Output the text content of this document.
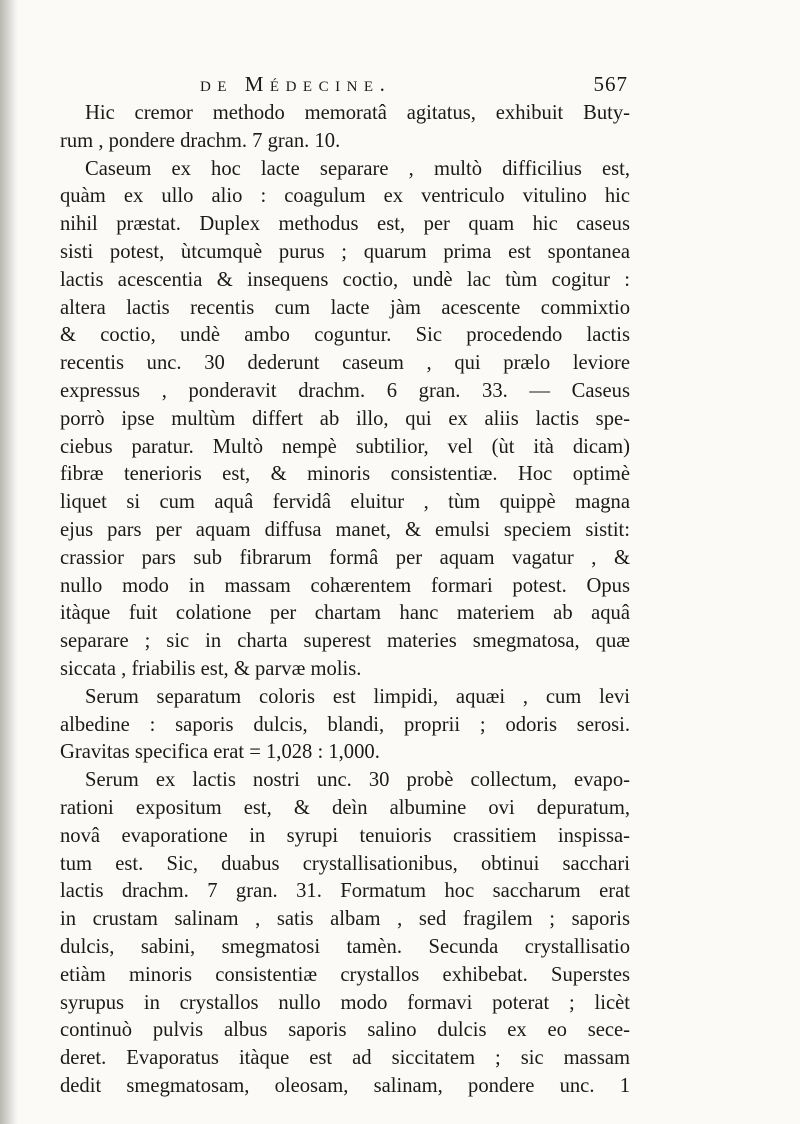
de Médecine.	567
Hic cremor methodo memoratâ agitatus, exhibuit Buty-
rum , pondere drachm. 7 gran. 10.
Caseum ex hoc lacte separare , multò difficilius est,
quàm ex ullo alio : coagulum ex ventriculo vitulino hic
nihil præstat. Duplex methodus est, per quam hic caseus
sisti potest, ùtcumquè purus ; quarum prima est spontanea
lactis acescentia & insequens coctio, undè lac tùm cogitur :
altera lactis recentis cum lacte jàm acescente commixtio
& coctio, undè ambo coguntur. Sic procedendo lactis
recentis unc. 30 dederunt caseum , qui prælo leviore
expressus , ponderavit drachm. 6 gran. 33. — Caseus
porrò ipse multùm differt ab illo, qui ex aliis lactis spe-
ciebus paratur. Multò nempè subtilior, vel (ùt ità dicam)
fibræ tenerioris est, & minoris consistentiæ. Hoc optimè
liquet si cum aquâ fervidâ eluitur , tùm quippè magna
ejus pars per aquam diffusa manet, & emulsi speciem sistit:
crassior pars sub fibrarum formâ per aquam vagatur , &
nullo modo in massam cohærentem formari potest. Opus
itàque fuit colatione per chartam hanc materiem ab aquâ
separare ; sic in charta superest materies smegmatosa, quæ
siccata , friabilis est, & parvæ molis.
Serum separatum coloris est limpidi, aquæi , cum levi
albedine : saporis dulcis, blandi, proprii ; odoris serosi.
Gravitas specifica erat = 1,028 : 1,000.
Serum ex lactis nostri unc. 30 probè collectum, evapo-
rationi expositum est, & deìn albumine ovi depuratum,
novâ evaporatione in syrupi tenuioris crassitiem inspissa-
tum est. Sic, duabus crystallisationibus, obtinui sacchari
lactis drachm. 7 gran. 31. Formatum hoc saccharum erat
in crustam salinam , satis albam , sed fragilem ; saporis
dulcis, sabini, smegmatosi tamèn. Secunda crystallisatio
etiàm minoris consistentiæ crystallos exhibebat. Superstes
syrupus in crystallos nullo modo formavi poterat ; licèt
continuò pulvis albus saporis salino dulcis ex eo sece-
deret. Evaporatus itàque est ad siccitatem ; sic massam
dedit smegmatosam, oleosam, salinam, pondere unc. 1
